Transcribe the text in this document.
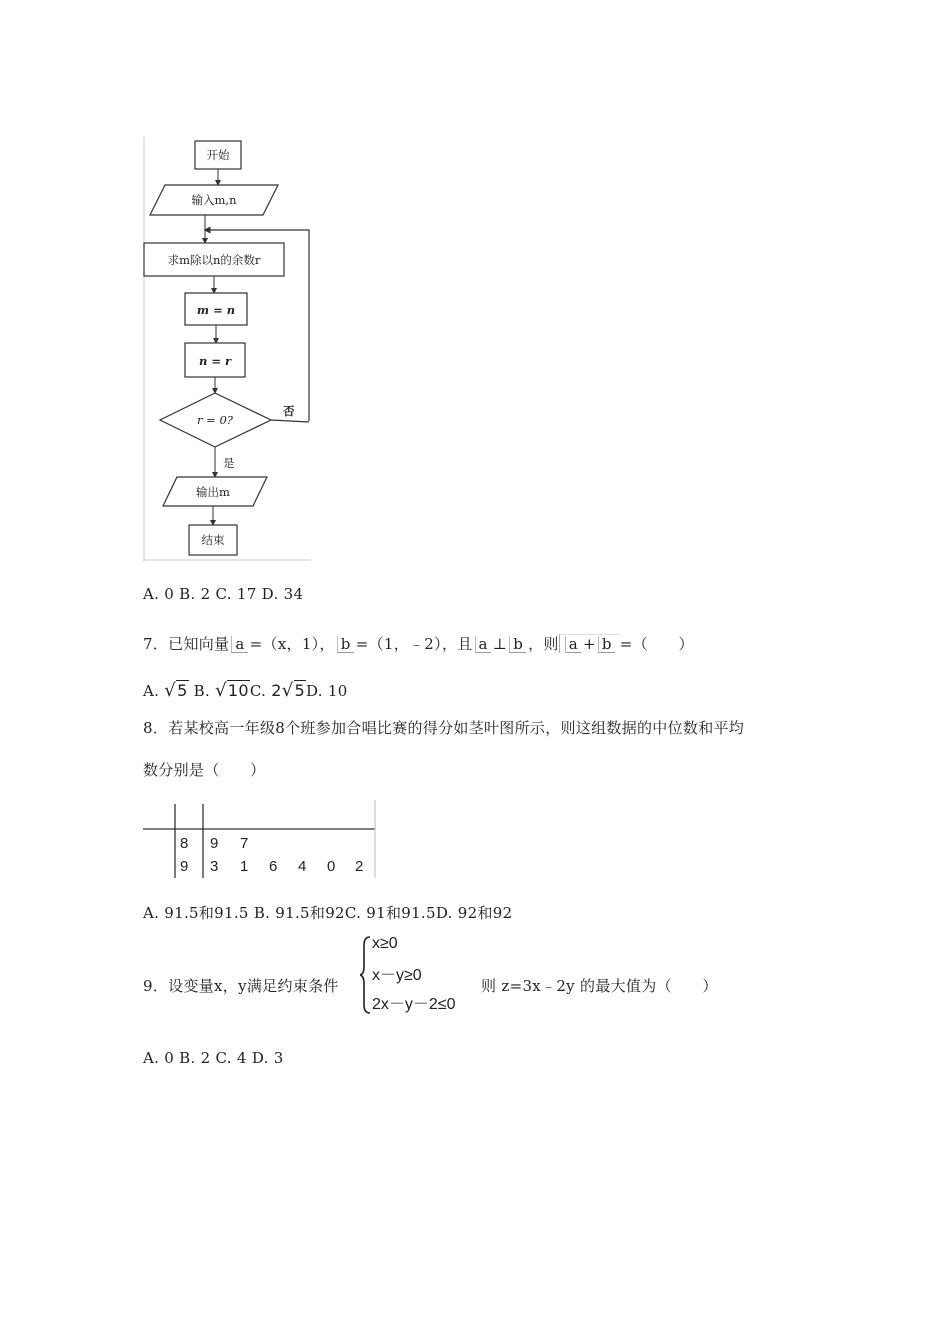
开始
输入m,n
求m除以n的余数r
m = n
n = r
r = 0?
否
是
输出m
结束
A. 0 B. 2 C. 17 D. 34
7．已知向量 a =（x，1）， b =（1，﹣2），且 a ⊥ b ，则 a + b =（　　）
A. √5 B. √10C. 2√5D. 10
8．若某校高一年级8个班参加合唱比赛的得分如茎叶图所示，则这组数据的中位数和平均
数分别是（　　）
8 9 7
9 3 1 6 4 0 2
A. 91.5和91.5 B. 91.5和92C. 91和91.5D. 92和92
9．设变量x，y满足约束条件
x≥0
x－y≥0
2x－y－2≤0
则 z=3x﹣2y 的最大值为（　　）
A. 0 B. 2 C. 4 D. 3
